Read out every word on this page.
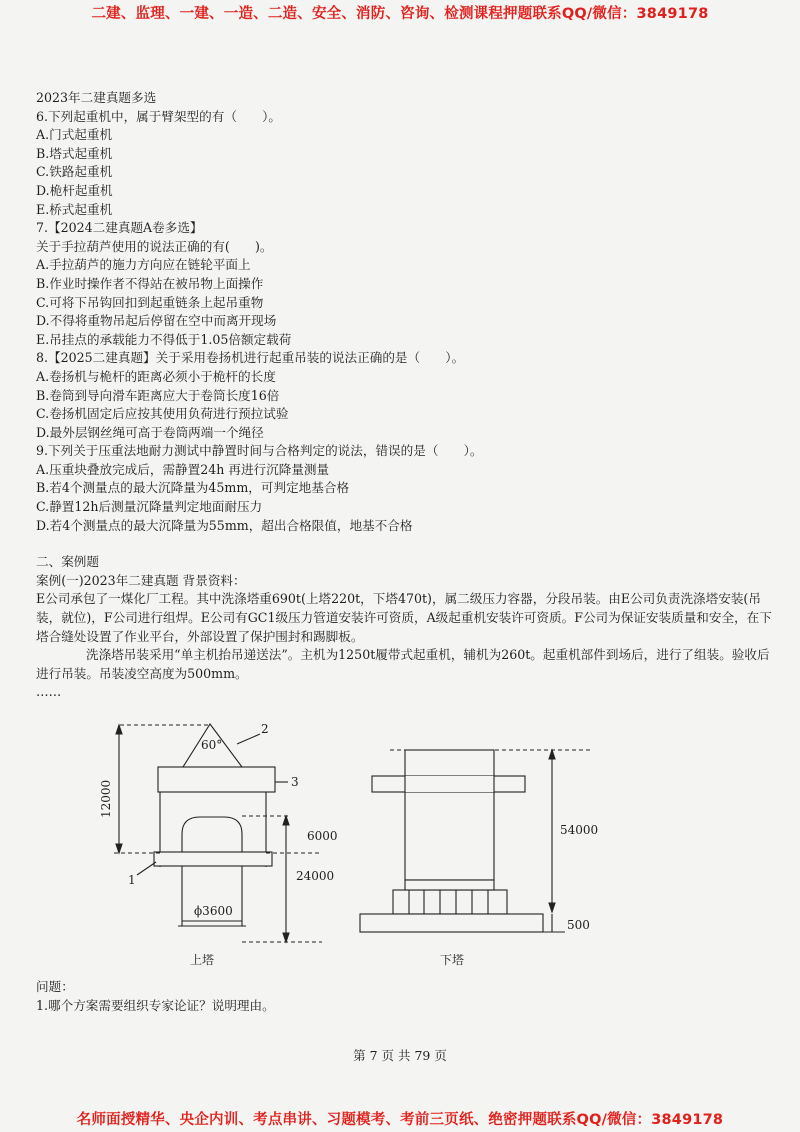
二建、监理、一建、一造、二造、安全、消防、咨询、检测课程押题联系QQ/微信：3849178
2023年二建真题多选
6.下列起重机中，属于臂架型的有（　　）。
A.门式起重机
B.塔式起重机
C.铁路起重机
D.桅杆起重机
E.桥式起重机
7.【2024二建真题A卷多选】
关于手拉葫芦使用的说法正确的有(　　)。
A.手拉葫芦的施力方向应在链轮平面上
B.作业时操作者不得站在被吊物上面操作
C.可将下吊钩回扣到起重链条上起吊重物
D.不得将重物吊起后停留在空中而离开现场
E.吊挂点的承载能力不得低于1.05倍额定载荷
8.【2025二建真题】关于采用卷扬机进行起重吊装的说法正确的是（　　）。
A.卷扬机与桅杆的距离必须小于桅杆的长度
B.卷筒到导向滑车距离应大于卷筒长度16倍
C.卷扬机固定后应按其使用负荷进行预拉试验
D.最外层钢丝绳可高于卷筒两端一个绳径
9.下列关于压重法地耐力测试中静置时间与合格判定的说法，错误的是（　　）。
A.压重块叠放完成后，需静置24h 再进行沉降量测量
B.若4个测量点的最大沉降量为45mm，可判定地基合格
C.静置12h后测量沉降量判定地面耐压力
D.若4个测量点的最大沉降量为55mm，超出合格限值，地基不合格
二、案例题
案例(一)2023年二建真题 背景资料：
E公司承包了一煤化厂工程。其中洗涤塔重690t(上塔220t，下塔470t)，属二级压力容器，分段吊装。由E公司负责洗涤塔安装(吊装，就位)，F公司进行组焊。E公司有GC1级压力管道安装许可资质，A级起重机安装许可资质。F公司为保证安装质量和安全，在下塔合缝处设置了作业平台，外部设置了保护围封和踢脚板。
洗涤塔吊装采用“单主机抬吊递送法”。主机为1250t履带式起重机，辅机为260t。起重机部件到场后，进行了组装。验收后进行吊装。吊装凌空高度为500mm。
……
60°
2
3
1
12000
6000
24000
ϕ3600
54000
500
上塔	下塔
问题：
1.哪个方案需要组织专家论证？说明理由。
第 7 页 共 79 页
名师面授精华、央企内训、考点串讲、习题模考、考前三页纸、绝密押题联系QQ/微信：3849178
